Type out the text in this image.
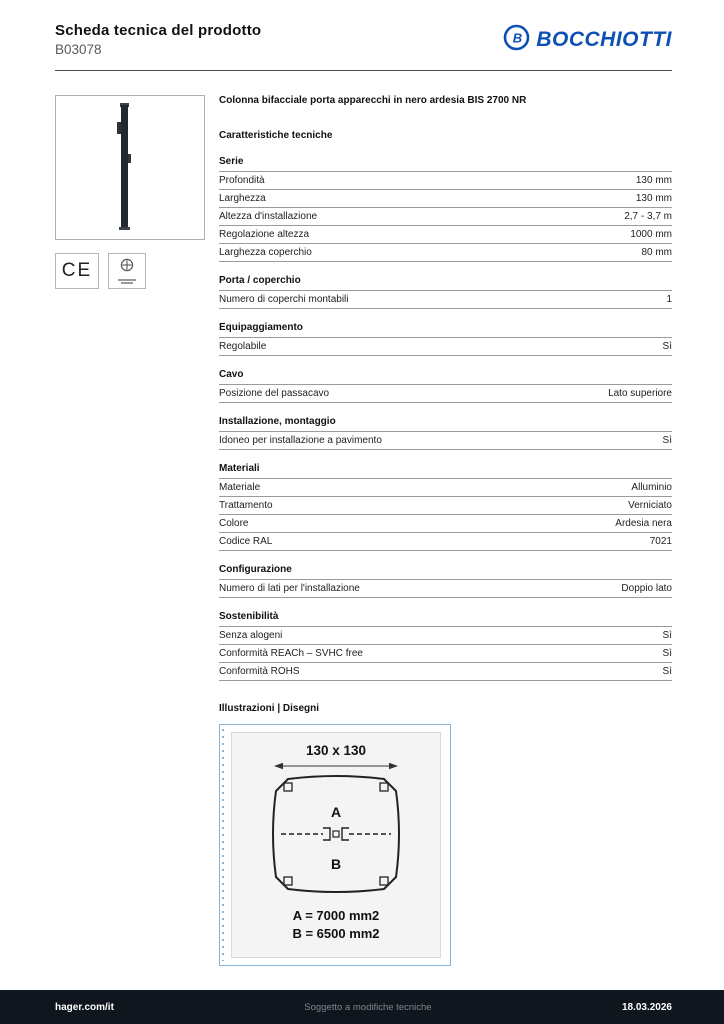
Scheda tecnica del prodotto
B03078
B BOCCHIOTTI
CE
Colonna bifacciale porta apparecchi in nero ardesia BIS 2700 NR
Caratteristiche tecniche
Serie
Profondità	130 mm
Larghezza	130 mm
Altezza d'installazione	2,7 - 3,7 m
Regolazione altezza	1000 mm
Larghezza coperchio	80 mm
Porta / coperchio
Numero di coperchi montabili	1
Equipaggiamento
Regolabile	Sì
Cavo
Posizione del passacavo	Lato superiore
Installazione, montaggio
Idoneo per installazione a pavimento	Sì
Materiali
Materiale	Alluminio
Trattamento	Verniciato
Colore	Ardesia nera
Codice RAL	7021
Configurazione
Numero di lati per l'installazione	Doppio lato
Sostenibilità
Senza alogeni	Sì
Conformità REACh – SVHC free	Sì
Conformità ROHS	Sì
Illustrazioni | Disegni
130 x 130
A
B
A = 7000 mm2
B = 6500 mm2
hager.com/it	Soggetto a modifiche tecniche	18.03.2026
